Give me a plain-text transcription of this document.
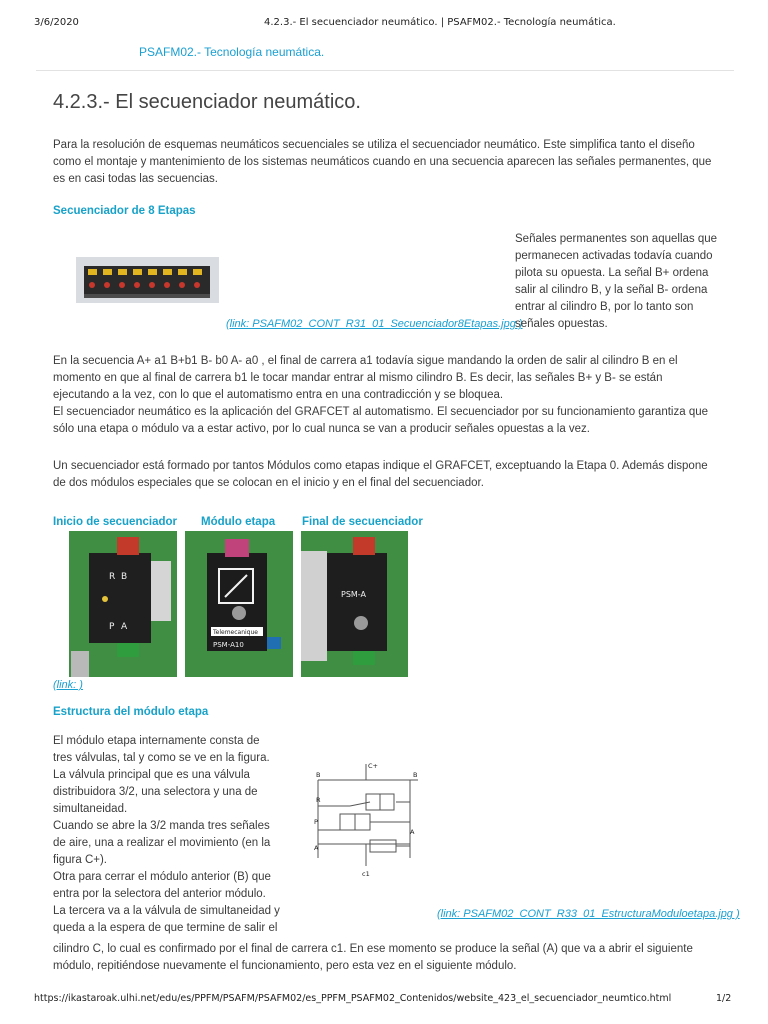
3/6/2020	4.2.3.- El secuenciador neumático. | PSAFM02.- Tecnología neumática.
PSAFM02.- Tecnología neumática.
4.2.3.- El secuenciador neumático.
Para la resolución de esquemas neumáticos secuenciales se utiliza el secuenciador neumático. Este simplifica tanto el diseño
como el montaje y mantenimiento de los sistemas neumáticos cuando en una secuencia aparecen las señales permanentes, que
es en casi todas las secuencias.
Secuenciador de 8 Etapas
(link: PSAFM02_CONT_R31_01_Secuenciador8Etapas.jpg )
Señales permanentes son aquellas que
permanecen activadas todavía cuando
pilota su opuesta. La señal B+ ordena
salir al cilindro B, y la señal B- ordena
entrar al cilindro B, por lo tanto son
señales opuestas.
En la secuencia A+ a1 B+b1 B- b0 A- a0 , el final de carrera a1 todavía sigue mandando la orden de salir al cilindro B en el
momento en que al final de carrera b1 le tocar mandar entrar al mismo cilindro B. Es decir, las señales B+ y B- se están
ejecutando a la vez, con lo que el automatismo entra en una contradicción y se bloquea.
El secuenciador neumático es la aplicación del GRAFCET al automatismo. El secuenciador por su funcionamiento garantiza que
sólo una etapa o módulo va a estar activo, por lo cual nunca se van a producir señales opuestas a la vez.
Un secuenciador está formado por tantos Módulos como etapas indique el GRAFCET, exceptuando la Etapa 0. Además dispone
de dos módulos especiales que se colocan en el inicio y en el final del secuenciador.
Inicio de secuenciador Módulo etapa Final de secuenciador
R B
P A
Telemecanique
PSM-A10
PSM-A
(link: )
Estructura del módulo etapa
El módulo etapa internamente consta de
tres válvulas, tal y como se ve en la figura.
La válvula principal que es una válvula
distribuidora 3/2, una selectora y una de
simultaneidad.
Cuando se abre la 3/2 manda tres señales
de aire, una a realizar el movimiento (en la
figura C+).
Otra para cerrar el módulo anterior (B) que
entra por la selectora del anterior módulo.
La tercera va a la válvula de simultaneidad y
queda a la espera de que termine de salir el
C+
B
R
P
A
B
A
c1
(link: PSAFM02_CONT_R33_01_EstructuraModuloetapa.jpg )
cilindro C, lo cual es confirmado por el final de carrera c1. En ese momento se produce la señal (A) que va a abrir el siguiente
módulo, repitiéndose nuevamente el funcionamiento, pero esta vez en el siguiente módulo.
https://ikastaroak.ulhi.net/edu/es/PPFM/PSAFM/PSAFM02/es_PPFM_PSAFM02_Contenidos/website_423_el_secuenciador_neumtico.html	1/2
